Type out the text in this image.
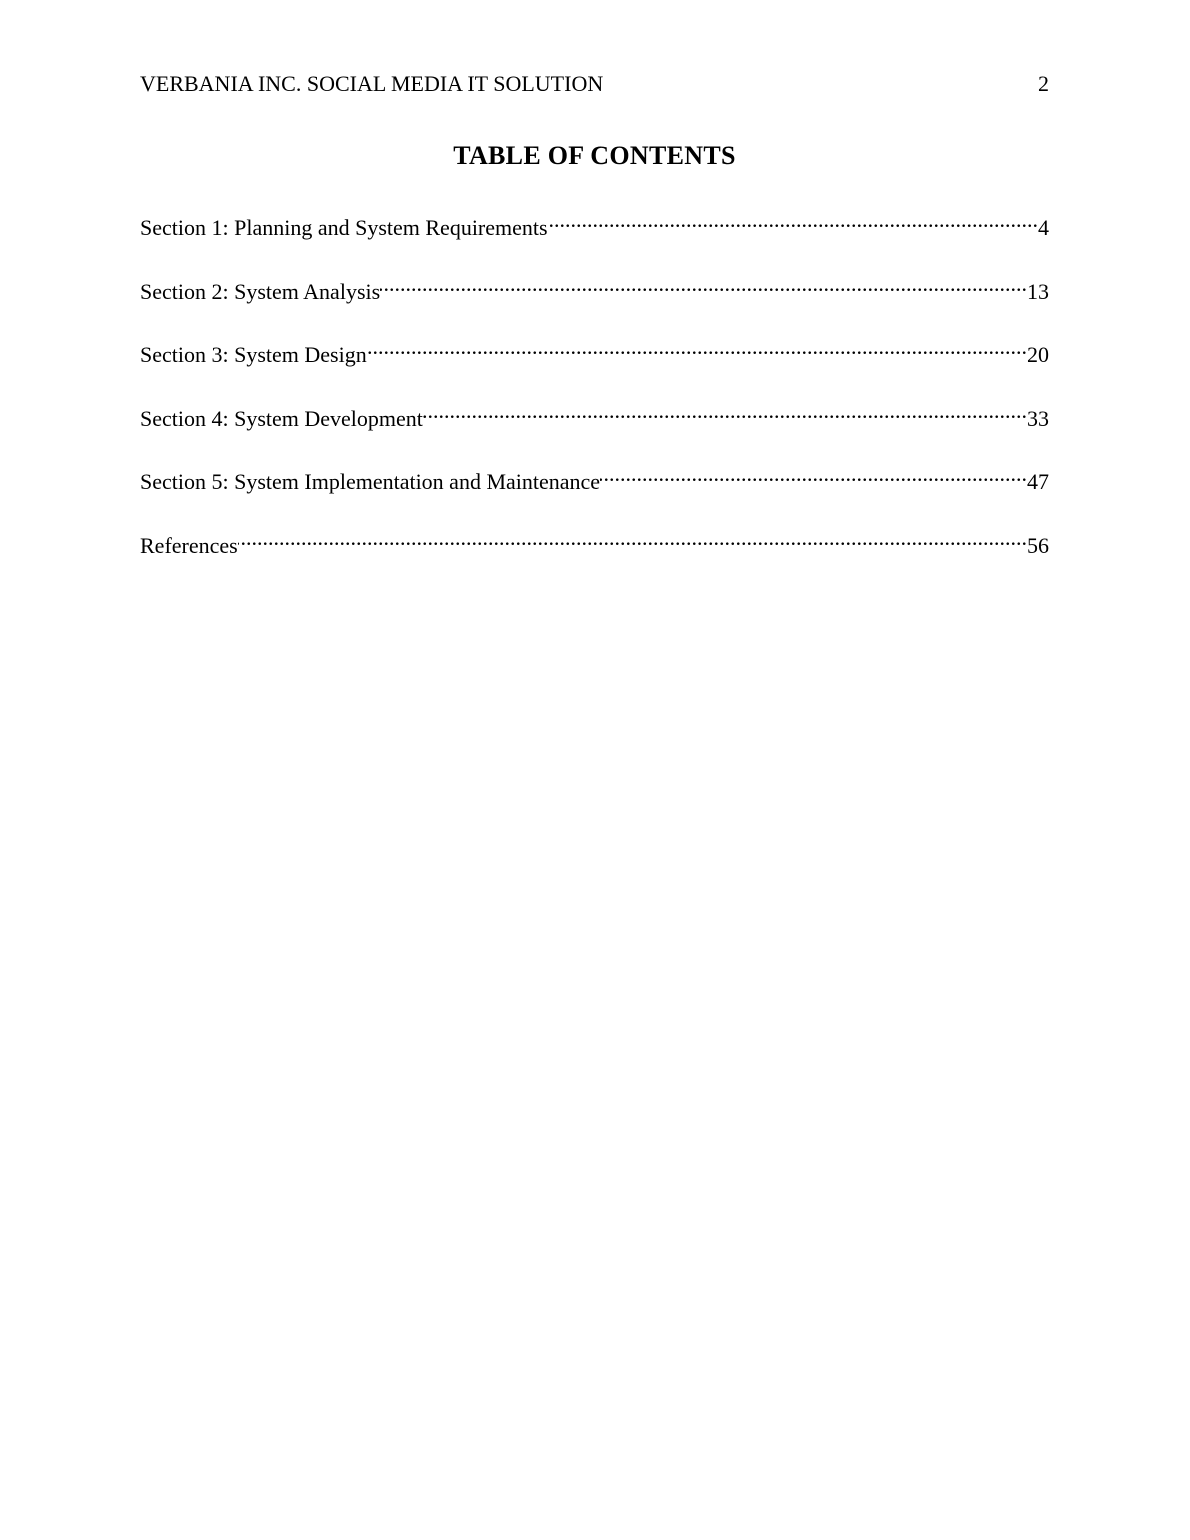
VERBANIA INC. SOCIAL MEDIA IT SOLUTION	2
TABLE OF CONTENTS
Section 1: Planning and System Requirements .....	4
Section 2: System Analysis .....	13
Section 3: System Design .....	20
Section 4: System Development .....	33
Section 5: System Implementation and Maintenance .....	47
References .....	56
